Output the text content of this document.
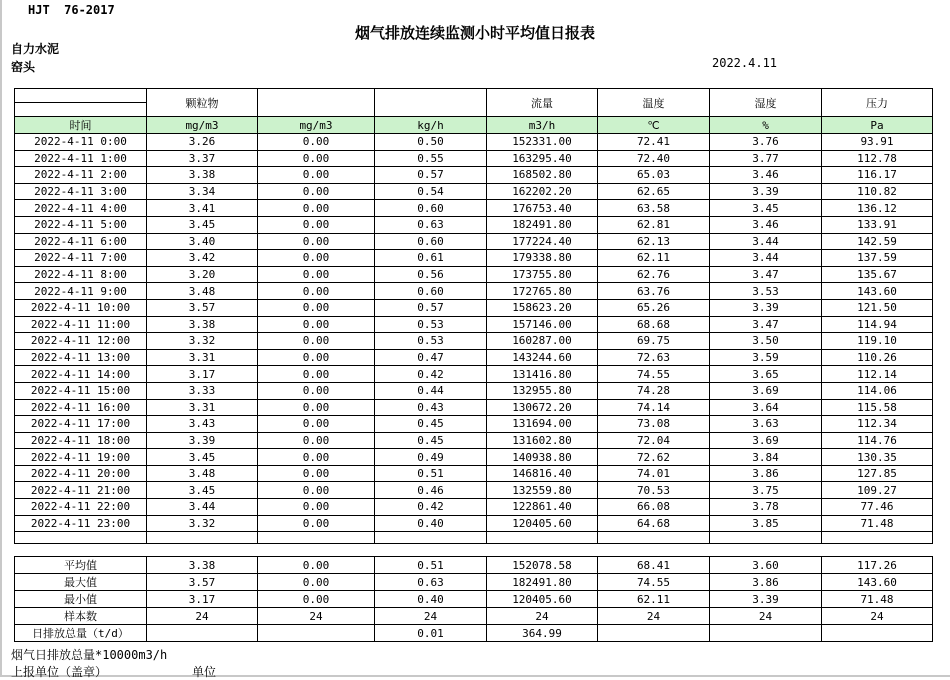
HJT  76-2017
烟气排放连续监测小时平均值日报表
自力水泥
窑头	2022.4.11
	颗粒物			流量	温度	湿度	压力

时间	mg/m3	mg/m3	kg/h	m3/h	℃	%	Pa
2022-4-11 0:00	3.26	0.00	0.50	152331.00	72.41	3.76	93.91
2022-4-11 1:00	3.37	0.00	0.55	163295.40	72.40	3.77	112.78
2022-4-11 2:00	3.38	0.00	0.57	168502.80	65.03	3.46	116.17
2022-4-11 3:00	3.34	0.00	0.54	162202.20	62.65	3.39	110.82
2022-4-11 4:00	3.41	0.00	0.60	176753.40	63.58	3.45	136.12
2022-4-11 5:00	3.45	0.00	0.63	182491.80	62.81	3.46	133.91
2022-4-11 6:00	3.40	0.00	0.60	177224.40	62.13	3.44	142.59
2022-4-11 7:00	3.42	0.00	0.61	179338.80	62.11	3.44	137.59
2022-4-11 8:00	3.20	0.00	0.56	173755.80	62.76	3.47	135.67
2022-4-11 9:00	3.48	0.00	0.60	172765.80	63.76	3.53	143.60
2022-4-11 10:00	3.57	0.00	0.57	158623.20	65.26	3.39	121.50
2022-4-11 11:00	3.38	0.00	0.53	157146.00	68.68	3.47	114.94
2022-4-11 12:00	3.32	0.00	0.53	160287.00	69.75	3.50	119.10
2022-4-11 13:00	3.31	0.00	0.47	143244.60	72.63	3.59	110.26
2022-4-11 14:00	3.17	0.00	0.42	131416.80	74.55	3.65	112.14
2022-4-11 15:00	3.33	0.00	0.44	132955.80	74.28	3.69	114.06
2022-4-11 16:00	3.31	0.00	0.43	130672.20	74.14	3.64	115.58
2022-4-11 17:00	3.43	0.00	0.45	131694.00	73.08	3.63	112.34
2022-4-11 18:00	3.39	0.00	0.45	131602.80	72.04	3.69	114.76
2022-4-11 19:00	3.45	0.00	0.49	140938.80	72.62	3.84	130.35
2022-4-11 20:00	3.48	0.00	0.51	146816.40	74.01	3.86	127.85
2022-4-11 21:00	3.45	0.00	0.46	132559.80	70.53	3.75	109.27
2022-4-11 22:00	3.44	0.00	0.42	122861.40	66.08	3.78	77.46
2022-4-11 23:00	3.32	0.00	0.40	120405.60	64.68	3.85	71.48

平均值	3.38	0.00	0.51	152078.58	68.41	3.60	117.26
最大值	3.57	0.00	0.63	182491.80	74.55	3.86	143.60
最小值	3.17	0.00	0.40	120405.60	62.11	3.39	71.48
样本数	24	24	24	24	24	24	24
日排放总量（t/d）			0.01	364.99			
烟气日排放总量*10000m3/h
上报单位（盖章）	单位
